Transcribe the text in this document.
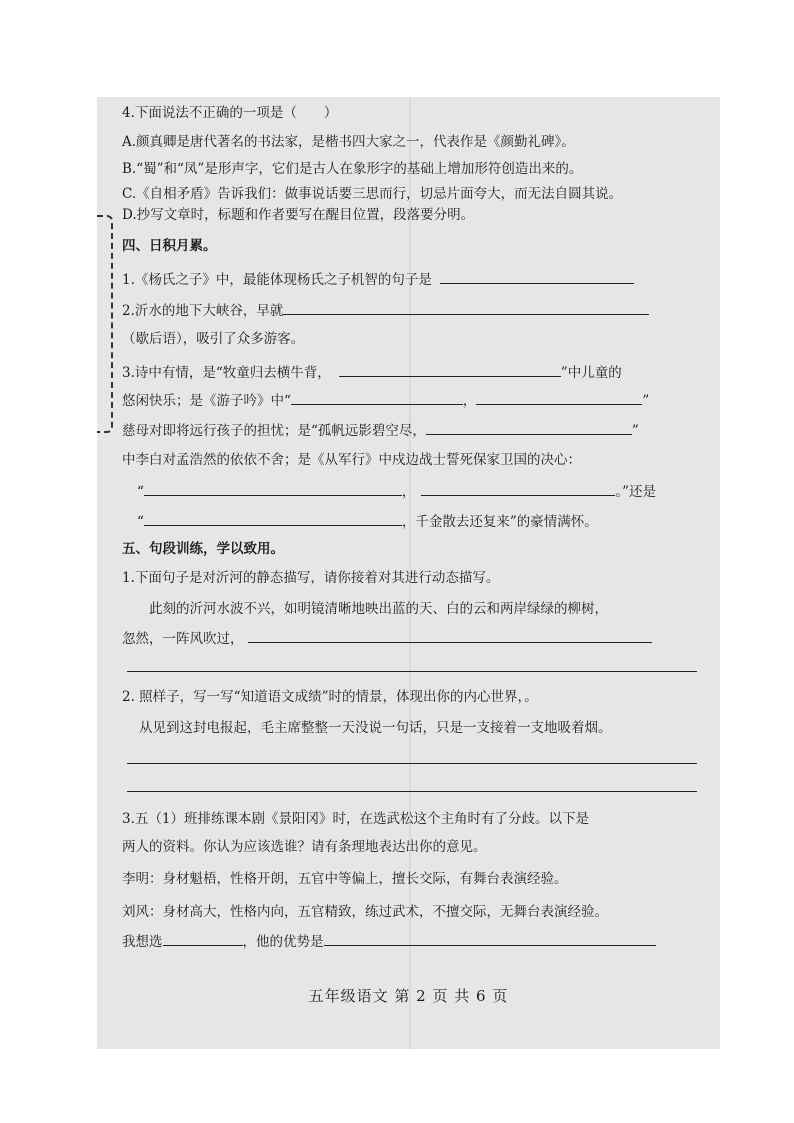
4.下面说法不正确的一项是（　　）
A.颜真卿是唐代著名的书法家，是楷书四大家之一，代表作是《颜勤礼碑》。
B.“蜀”和“凤”是形声字，它们是古人在象形字的基础上增加形符创造出来的。
C.《自相矛盾》告诉我们：做事说话要三思而行，切忌片面夸大，而无法自圆其说。
D.抄写文章时，标题和作者要写在醒目位置，段落要分明。
四、日积月累。
1.《杨氏之子》中，最能体现杨氏之子机智的句子是
2.沂水的地下大峡谷，早就
（歇后语），吸引了众多游客。
3.诗中有情，是“牧童归去横牛背，	”中儿童的
悠闲快乐；是《游子吟》中“	，	”
慈母对即将远行孩子的担忧；是“孤帆远影碧空尽，	”
中李白对孟浩然的依依不舍；是《从军行》中戍边战士誓死保家卫国的决心：
“	，	。”还是
“	，千金散去还复来”的豪情满怀。
五、句段训练，学以致用。
1.下面句子是对沂河的静态描写，请你接着对其进行动态描写。
此刻的沂河水波不兴，如明镜清晰地映出蓝的天、白的云和两岸绿绿的柳树，
忽然，一阵风吹过，
2. 照样子，写一写“知道语文成绩”时的情景，体现出你的内心世界，。
从见到这封电报起，毛主席整整一天没说一句话，只是一支接着一支地吸着烟。
3.五（1）班排练课本剧《景阳冈》时，在选武松这个主角时有了分歧。以下是
两人的资料。你认为应该选谁？请有条理地表达出你的意见。
李明：身材魁梧，性格开朗，五官中等偏上，擅长交际，有舞台表演经验。
刘风：身材高大，性格内向，五官精致，练过武术，不擅交际，无舞台表演经验。
我想选	，他的优势是
五年级语文 第 2 页 共 6 页
